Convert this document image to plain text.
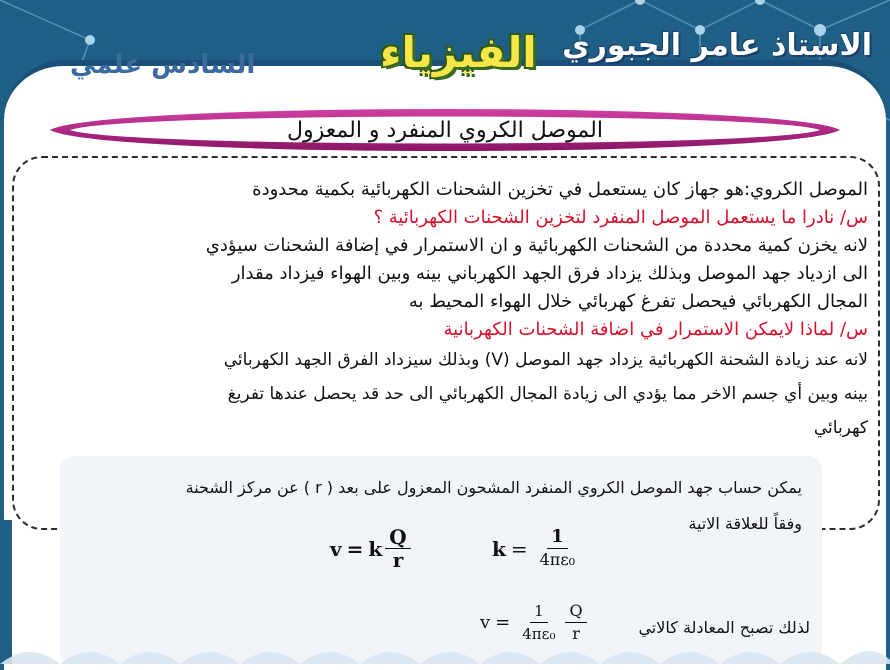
الاستاذ عامر الجبوري
الفيزياء
السادس علمي
الموصل الكروي المنفرد و المعزول

الموصل الكروي:هو جهاز كان يستعمل في تخزين الشحنات الكهربائية بكمية محدودة

س/ نادرا ما يستعمل الموصل المنفرد لتخزين الشحنات الكهربائية ؟

لانه يخزن كمية محددة من الشحنات الكهربائية و ان الاستمرار في إضافة الشحنات سيؤدي

الى ازدياد جهد الموصل وبذلك يزداد فرق الجهد الكهرباني بينه وبين الهواء فيزداد مقدار

المجال الكهربائي فيحصل تفرغ كهربائي خلال الهواء المحيط به

س/ لماذا لايمكن الاستمرار في اضافة الشحنات الكهربانية

لانه عند زيادة الشحنة الكهربائية يزداد جهد الموصل (V) وبذلك سيزداد الفرق الجهد الكهربائي

بينه وبين أي جسم الاخر مما يؤدي الى زيادة المجال الكهربائي الى حد قد يحصل عندها تفريغ

كهربائي

يمكن حساب جهد الموصل الكروي المنفرد المشحون المعزول على بعد ( r ) عن مركز الشحنة
وفقاً للعلاقة الاتية
v = k $\frac{Q}{r}$	$k = \frac{1}{\text{4πε₀}}$
لذلك تصبح المعادلة كالاتي
$v = \frac{1}{\text{4πε₀}} \frac{Q}{r}$
